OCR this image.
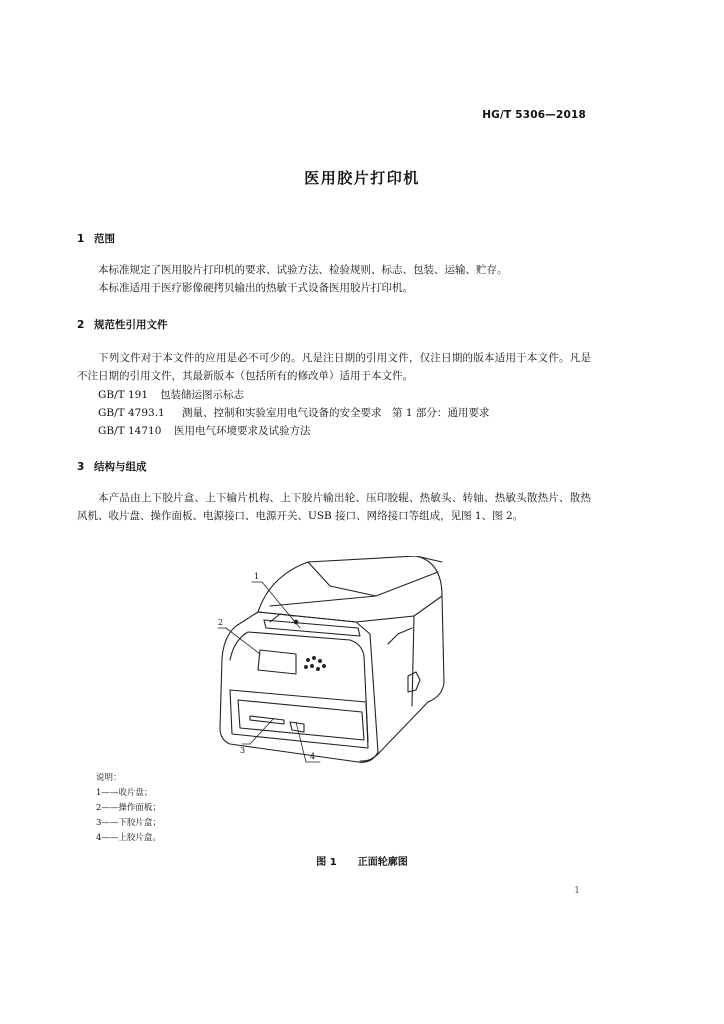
HG/T 5306—2018
医用胶片打印机
1 范围
本标准规定了医用胶片打印机的要求、试验方法、检验规则、标志、包装、运输、贮存。
本标准适用于医疗影像硬拷贝输出的热敏干式设备医用胶片打印机。
2 规范性引用文件
下列文件对于本文件的应用是必不可少的。凡是注日期的引用文件，仅注日期的版本适用于本文件。凡是不注日期的引用文件，其最新版本（包括所有的修改单）适用于本文件。
GB/T 191 包装储运图示标志
GB/T 4793.1 测量、控制和实验室用电气设备的安全要求　第 1 部分：通用要求
GB/T 14710 医用电气环境要求及试验方法
3 结构与组成
本产品由上下胶片盒、上下输片机构、上下胶片输出轮、压印胶辊、热敏头、转轴、热敏头散热片、散热风机、收片盘、操作面板、电源接口、电源开关、USB 接口、网络接口等组成，见图 1、图 2。
1
2
3
4
说明：
1——收片盘；
2——操作面板；
3——下胶片盒；
4——上胶片盒。
图 1 正面轮廓图
1
